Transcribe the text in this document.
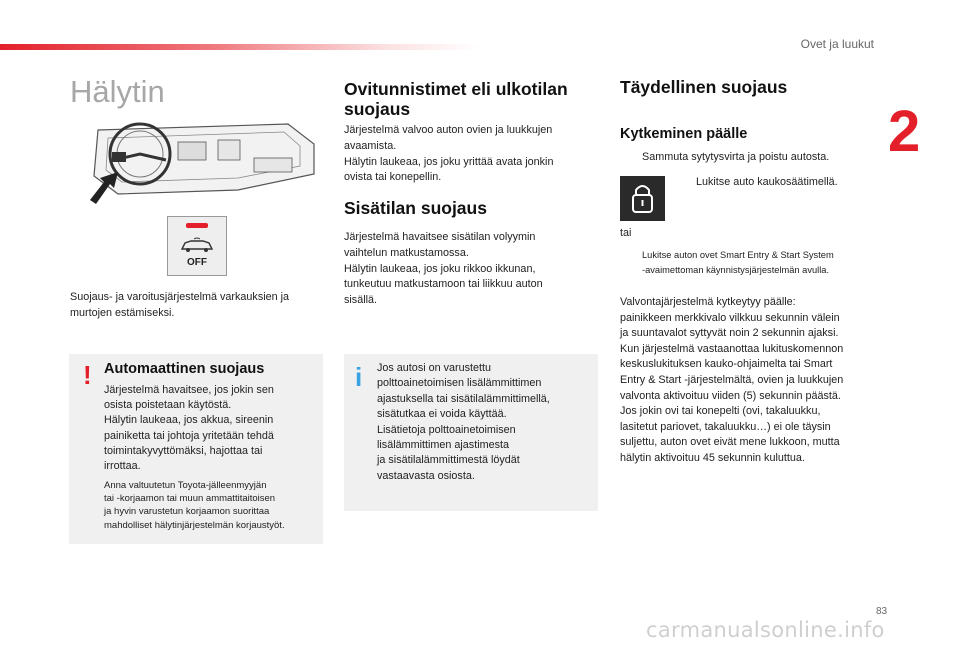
Ovet ja luukut
2
Hälytin
OFF
Suojaus- ja varoitusjärjestelmä varkauksien ja murtojen estämiseksi.
! Automaattinen suojaus
Järjestelmä havaitsee, jos jokin sen
osista poistetaan käytöstä.
Hälytin laukeaa, jos akkua, sireenin
painiketta tai johtoja yritetään tehdä
toimintakyvyttömäksi, hajottaa tai
irrottaa.
Anna valtuutetun Toyota-jälleenmyyjän
tai -korjaamon tai muun ammattitaitoisen
ja hyvin varustetun korjaamon suorittaa
mahdolliset hälytinjärjestelmän korjaustyöt.
Ovitunnistimet eli ulkotilan
suojaus
Järjestelmä valvoo auton ovien ja luukkujen
avaamista.
Hälytin laukeaa, jos joku yrittää avata jonkin
ovista tai konepellin.
Sisätilan suojaus
Järjestelmä havaitsee sisätilan volyymin
vaihtelun matkustamossa.
Hälytin laukeaa, jos joku rikkoo ikkunan,
tunkeutuu matkustamoon tai liikkuu auton
sisällä.
i Jos autosi on varustettu
polttoainetoimisen lisälämmittimen
ajastuksella tai sisätilalämmittimellä,
sisätutkaa ei voida käyttää.
Lisätietoja polttoainetoimisen
lisälämmittimen ajastimesta
ja sisätilalämmittimestä löydät
vastaavasta osiosta.
Täydellinen suojaus
Kytkeminen päälle
Sammuta sytytysvirta ja poistu autosta.
Lukitse auto kaukosäätimellä.
tai
Lukitse auton ovet Smart Entry & Start System
-avaimettoman käynnistysjärjestelmän avulla.
Valvontajärjestelmä kytkeytyy päälle:
painikkeen merkkivalo vilkkuu sekunnin välein
ja suuntavalot syttyvät noin 2 sekunnin ajaksi.
Kun järjestelmä vastaanottaa lukituskomennon
keskuslukituksen kauko-ohjaimelta tai Smart
Entry & Start -järjestelmältä, ovien ja luukkujen
valvonta aktivoituu viiden (5) sekunnin päästä.
Jos jokin ovi tai konepelti (ovi, takaluukku,
lasitetut pariovet, takaluukku…) ei ole täysin
suljettu, auton ovet eivät mene lukkoon, mutta
hälytin aktivoituu 45 sekunnin kuluttua.
83
carmanualsonline.info
